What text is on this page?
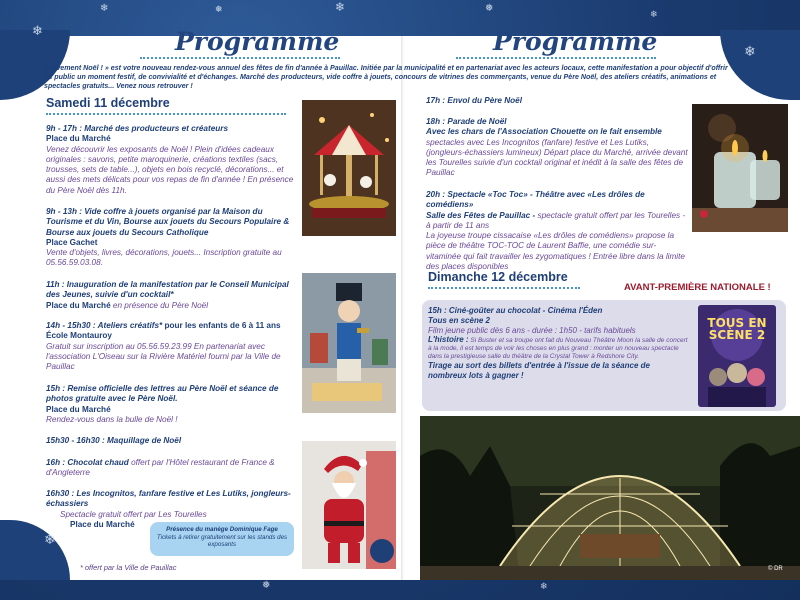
❄
❄	❅	❄	❅
❄
❄
❄
❅	❄
Programme	Programme
« Vivement Noël ! » est votre nouveau rendez-vous annuel des fêtes de fin d'année à Pauillac. Initiée par la municipalité et en partenariat avec les acteurs locaux, cette manifestation a pour objectif d'offrir au public un moment festif, de convivialité et d'échanges. Marché des producteurs, vide coffre à jouets, concours de vitrines des commerçants, venue du Père Noël, des ateliers créatifs, animations et spectacles gratuits... Venez nous retrouver !
Samedi 11 décembre
9h - 17h : Marché des producteurs et créateurs
Place du Marché
Venez découvrir les exposants de Noël ! Plein d'idées cadeaux originales : savons, petite maroquinerie, créations textiles (sacs, trousses, sets de table...), objets en bois recyclé, décorations... et aussi des mets délicats pour vos repas de fin d'année ! En présence du Père Noël dès 11h.
9h - 13h : Vide coffre à jouets organisé par la Maison du Tourisme et du Vin, Bourse aux jouets du Secours Populaire & Bourse aux jouets du Secours Catholique
Place Gachet
Vente d'objets, livres, décorations, jouets... Inscription gratuite au 05.56.59.03.08.
11h : Inauguration de la manifestation par le Conseil Municipal des Jeunes, suivie d'un cocktail*
Place du Marché en présence du Père Noël
14h - 15h30 : Ateliers créatifs* pour les enfants de 6 à 11 ans
École Montauroy
Gratuit sur inscription au 05.56.59.23.99 En partenariat avec l'association L'Oiseau sur la Rivière Matériel fourni par la Ville de Pauillac
15h : Remise officielle des lettres au Père Noël et séance de photos gratuite avec le Père Noël.
Place du Marché
Rendez-vous dans la bulle de Noël !
15h30 - 16h30 : Maquillage de Noël
16h : Chocolat chaud offert par l'Hôtel restaurant de France & d'Angleterre
16h30 : Les Incognitos, fanfare festive et Les Lutiks, jongleurs-échassiers
Spectacle gratuit offert par Les Tourelles
Place du Marché
Présence du manège Dominique Fage
Tickets à retirer gratuitement sur les stands des exposants
* offert par la Ville de Pauillac
17h : Envol du Père Noël
18h : Parade de Noël
Avec les chars de l'Association Chouette on le fait ensemble
spectacles avec Les Incognitos (fanfare) festive et Les Lutiks, (jongleurs-échassiers lumineux) Départ place du Marché, arrivée devant les Tourelles suivie d'un cocktail original et inédit à la salle des fêtes de Pauillac
20h : Spectacle «Toc Toc» - Théâtre avec «Les drôles de comédiens»
Salle des Fêtes de Pauillac - spectacle gratuit offert par les Tourelles - à partir de 11 ans
La joyeuse troupe cissacaise «Les drôles de comédiens» propose la pièce de théâtre TOC-TOC de Laurent Baffie, une comédie sur-vitaminée qui fait travailler les zygomatiques ! Entrée libre dans la limite des places disponibles
Dimanche 12 décembre
AVANT-PREMIÈRE NATIONALE !
15h : Ciné-goûter au chocolat - Cinéma l'Éden
Tous en scène 2
Film jeune public dès 6 ans - durée : 1h50 - tarifs habituels
L'histoire : Si Buster et sa troupe ont fait du Nouveau Théâtre Moon la salle de concert à la mode, il est temps de voir les choses en plus grand : monter un nouveau spectacle dans la prestigieuse salle du théâtre de la Crystal Tower à Redshore City.
Tirage au sort des billets d'entrée à l'issue de la séance de nombreux lots à gagner !
TOUS EN SCÈNE 2
© DR
